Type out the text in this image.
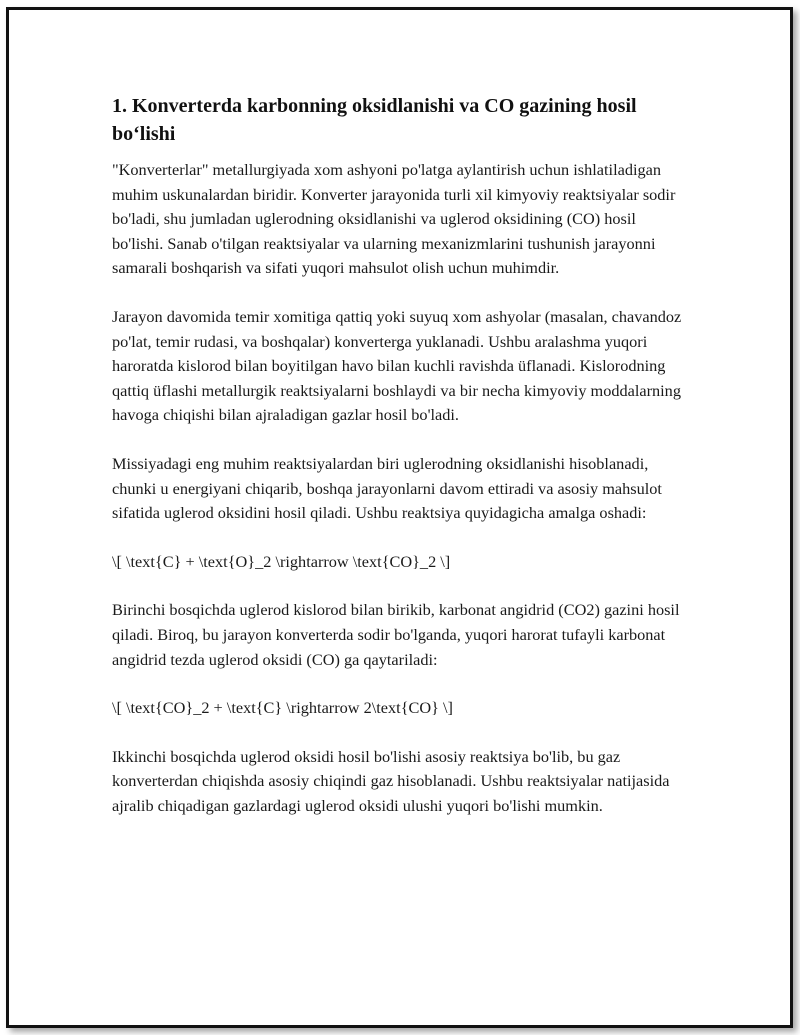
1. Konverterda karbonning oksidlanishi va CO gazining hosil bo‘lishi

"Konverterlar" metallurgiyada xom ashyoni po'latga aylantirish uchun ishlatiladigan muhim uskunalardan biridir. Konverter jarayonida turli xil kimyoviy reaktsiyalar sodir bo'ladi, shu jumladan uglerodning oksidlanishi va uglerod oksidining (CO) hosil bo'lishi. Sanab o'tilgan reaktsiyalar va ularning mexanizmlarini tushunish jarayonni samarali boshqarish va sifati yuqori mahsulot olish uchun muhimdir.

Jarayon davomida temir xomitiga qattiq yoki suyuq xom ashyolar (masalan, chavandoz po'lat, temir rudasi, va boshqalar) konverterga yuklanadi. Ushbu aralashma yuqori haroratda kislorod bilan boyitilgan havo bilan kuchli ravishda üflanadi. Kislorodning qattiq üflashi metallurgik reaktsiyalarni boshlaydi va bir necha kimyoviy moddalarning havoga chiqishi bilan ajraladigan gazlar hosil bo'ladi.

Missiyadagi eng muhim reaktsiyalardan biri uglerodning oksidlanishi hisoblanadi, chunki u energiyani chiqarib, boshqa jarayonlarni davom ettiradi va asosiy mahsulot sifatida uglerod oksidini hosil qiladi. Ushbu reaktsiya quyidagicha amalga oshadi:

\[ \text{C} + \text{O}_2 \rightarrow \text{CO}_2 \]

Birinchi bosqichda uglerod kislorod bilan birikib, karbonat angidrid (CO2) gazini hosil qiladi. Biroq, bu jarayon konverterda sodir bo'lganda, yuqori harorat tufayli karbonat angidrid tezda uglerod oksidi (CO) ga qaytariladi:

\[ \text{CO}_2 + \text{C} \rightarrow 2\text{CO} \]

Ikkinchi bosqichda uglerod oksidi hosil bo'lishi asosiy reaktsiya bo'lib, bu gaz konverterdan chiqishda asosiy chiqindi gaz hisoblanadi. Ushbu reaktsiyalar natijasida ajralib chiqadigan gazlardagi uglerod oksidi ulushi yuqori bo'lishi mumkin.
